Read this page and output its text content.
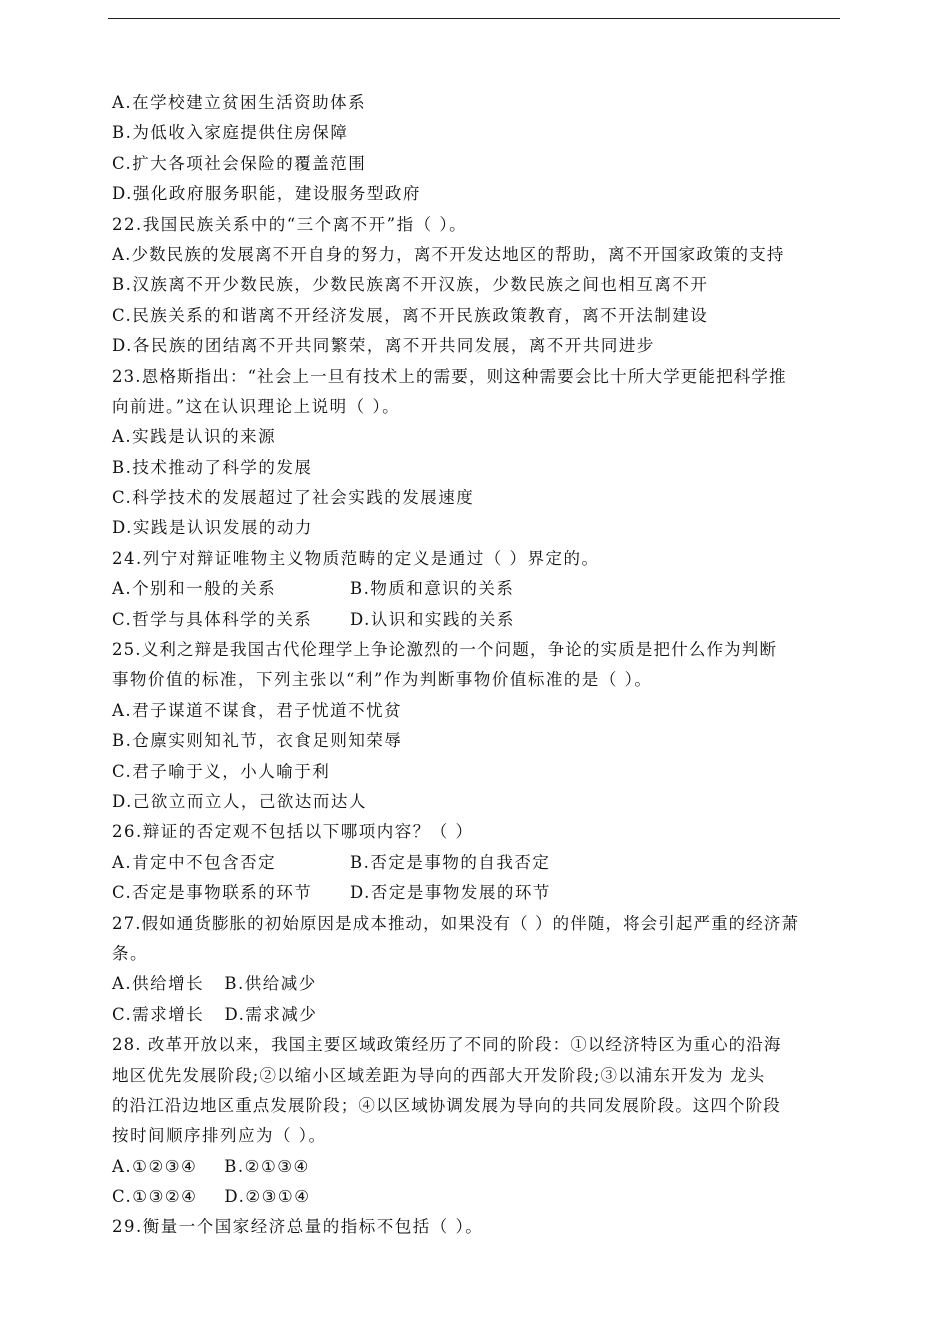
A.在学校建立贫困生活资助体系
B.为低收入家庭提供住房保障
C.扩大各项社会保险的覆盖范围
D.强化政府服务职能，建设服务型政府
22.我国民族关系中的“三个离不开”指（ ）。
A.少数民族的发展离不开自身的努力，离不开发达地区的帮助，离不开国家政策的支持
B.汉族离不开少数民族，少数民族离不开汉族，少数民族之间也相互离不开
C.民族关系的和谐离不开经济发展，离不开民族政策教育，离不开法制建设
D.各民族的团结离不开共同繁荣，离不开共同发展，离不开共同进步
23.恩格斯指出：“社会上一旦有技术上的需要，则这种需要会比十所大学更能把科学推
向前进。”这在认识理论上说明（ ）。
A.实践是认识的来源
B.技术推动了科学的发展
C.科学技术的发展超过了社会实践的发展速度
D.实践是认识发展的动力
24.列宁对辩证唯物主义物质范畴的定义是通过（ ）界定的。
A.个别和一般的关系	B.物质和意识的关系
C.哲学与具体科学的关系 D.认识和实践的关系
25.义利之辩是我国古代伦理学上争论激烈的一个问题，争论的实质是把什么作为判断
事物价值的标准，下列主张以“利”作为判断事物价值标准的是（ ）。
A.君子谋道不谋食，君子忧道不忧贫
B.仓廪实则知礼节，衣食足则知荣辱
C.君子喻于义，小人喻于利
D.己欲立而立人，己欲达而达人
26.辩证的否定观不包括以下哪项内容？（ ）
A.肯定中不包含否定	B.否定是事物的自我否定
C.否定是事物联系的环节 D.否定是事物发展的环节
27.假如通货膨胀的初始原因是成本推动，如果没有（ ）的伴随，将会引起严重的经济萧
条。
A.供给增长   B.供给减少
C.需求增长   D.需求减少
28. 改革开放以来，我国主要区域政策经历了不同的阶段：①以经济特区为重心的沿海
地区优先发展阶段;②以缩小区域差距为导向的西部大开发阶段;③以浦东开发为 龙头
的沿江沿边地区重点发展阶段；④以区域协调发展为导向的共同发展阶段。这四个阶段
按时间顺序排列应为（ ）。
A.①②③④    B.②①③④
C.①③②④    D.②③①④
29.衡量一个国家经济总量的指标不包括（ ）。
